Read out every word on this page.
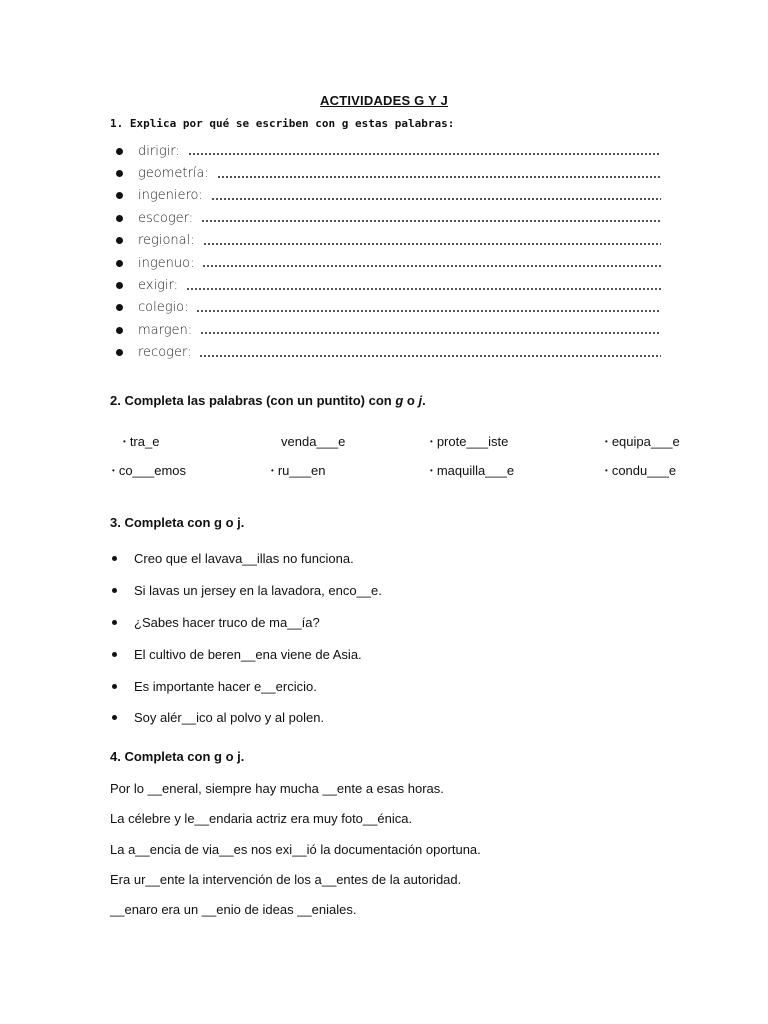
ACTIVIDADES G Y J
1. Explica por qué se escriben con g estas palabras:
dirigir:
geometría:
ingeniero:
escoger:
regional:
ingenuo:
exigir:
colegio:
margen:
recoger:
2. Completa las palabras (con un puntito) con g o j.
• tra_e	venda___e	• prote___iste	• equipa___e
• co___emos	• ru___en	• maquilla___e	• condu___e
3. Completa con g o j.
Creo que el lavava__illas no funciona.
Si lavas un jersey en la lavadora, enco__e.
¿Sabes hacer truco de ma__ía?
El cultivo de beren__ena viene de Asia.
Es importante hacer e__ercicio.
Soy alér__ico al polvo y al polen.
4. Completa con g o j.
Por lo __eneral, siempre hay mucha __ente a esas horas.
La célebre y le__endaria actriz era muy foto__énica.
La a__encia de via__es nos exi__ió la documentación oportuna.
Era ur__ente la intervención de los a__entes de la autoridad.
__enaro era un __enio de ideas __eniales.
